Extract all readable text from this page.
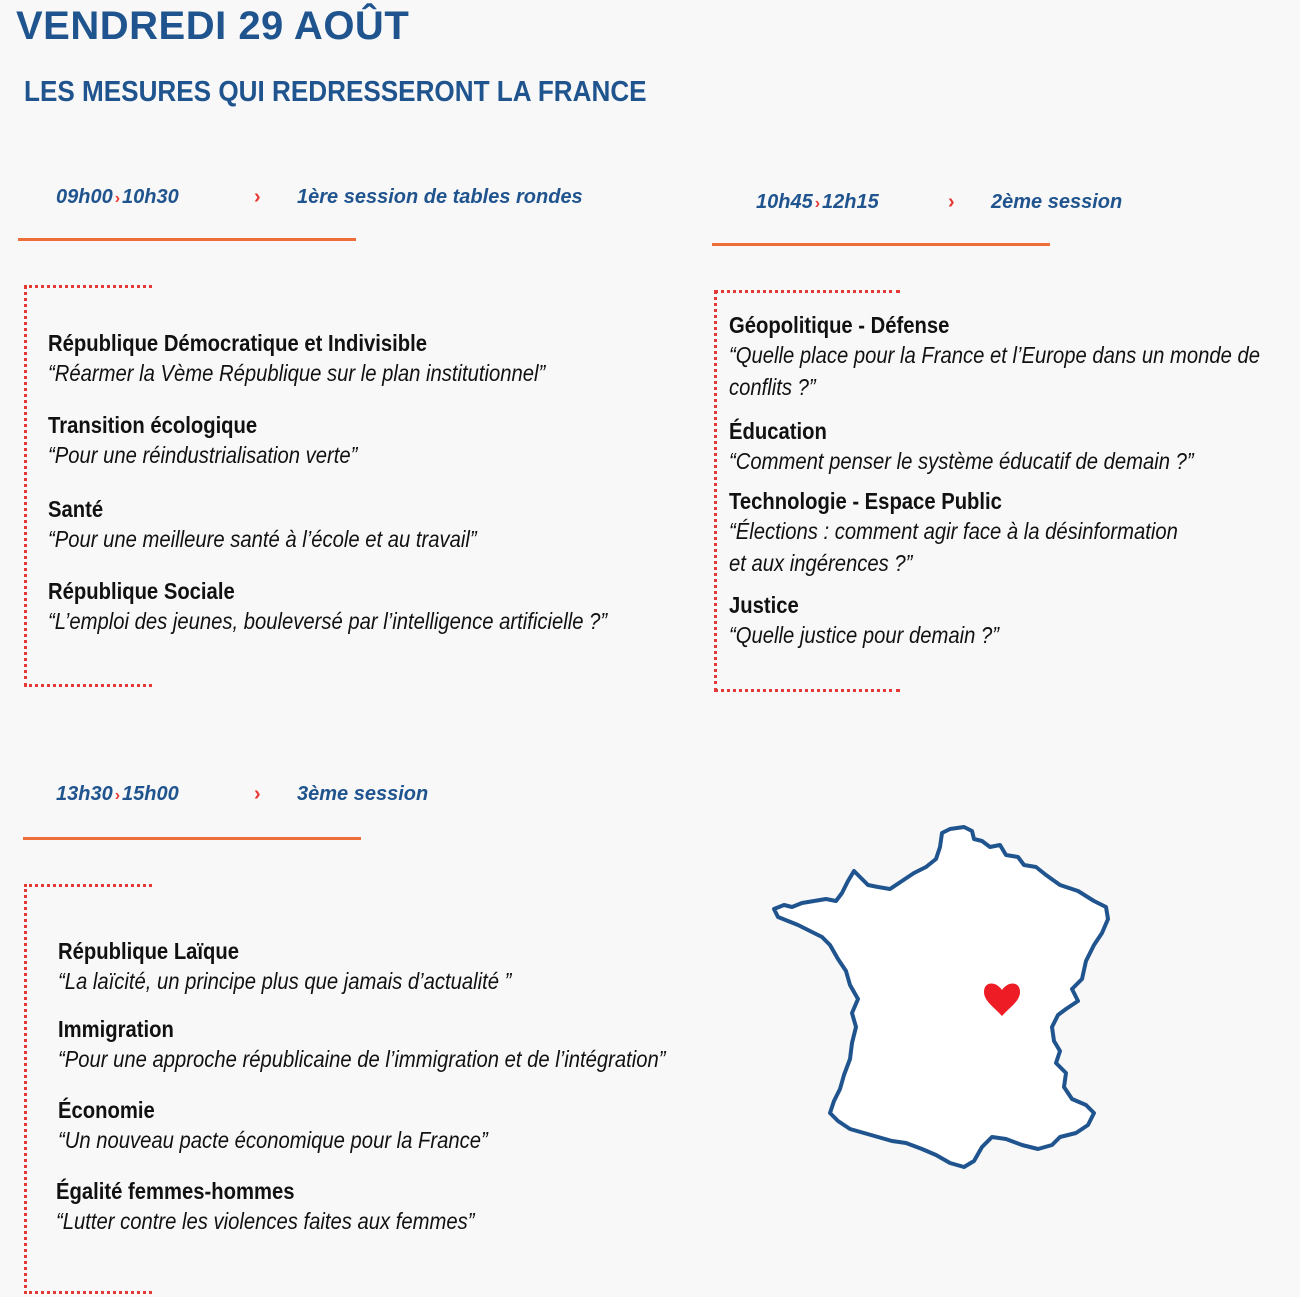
VENDREDI 29 AOÛT
LES MESURES QUI REDRESSERONT LA FRANCE
09h00 › 10h30	› 1ère session de tables rondes
République Démocratique et Indivisible
“Réarmer la Vème République sur le plan institutionnel”
Transition écologique
“Pour une réindustrialisation verte”
Santé
“Pour une meilleure santé à l’école et au travail”
République Sociale
“L’emploi des jeunes, bouleversé par l’intelligence artificielle ?”
10h45 › 12h15	› 2ème session
Géopolitique - Défense
“Quelle place pour la France et l’Europe dans un monde de
conflits ?”
Éducation
“Comment penser le système éducatif de demain ?”
Technologie - Espace Public
“Élections : comment agir face à la désinformation
et aux ingérences ?”
Justice
“Quelle justice pour demain ?”
13h30 › 15h00	› 3ème session
République Laïque
“La laïcité, un principe plus que jamais d’actualité ”
Immigration
“Pour une approche républicaine de l’immigration et de l’intégration”
Économie
“Un nouveau pacte économique pour la France”
Égalité femmes-hommes
“Lutter contre les violences faites aux femmes”
